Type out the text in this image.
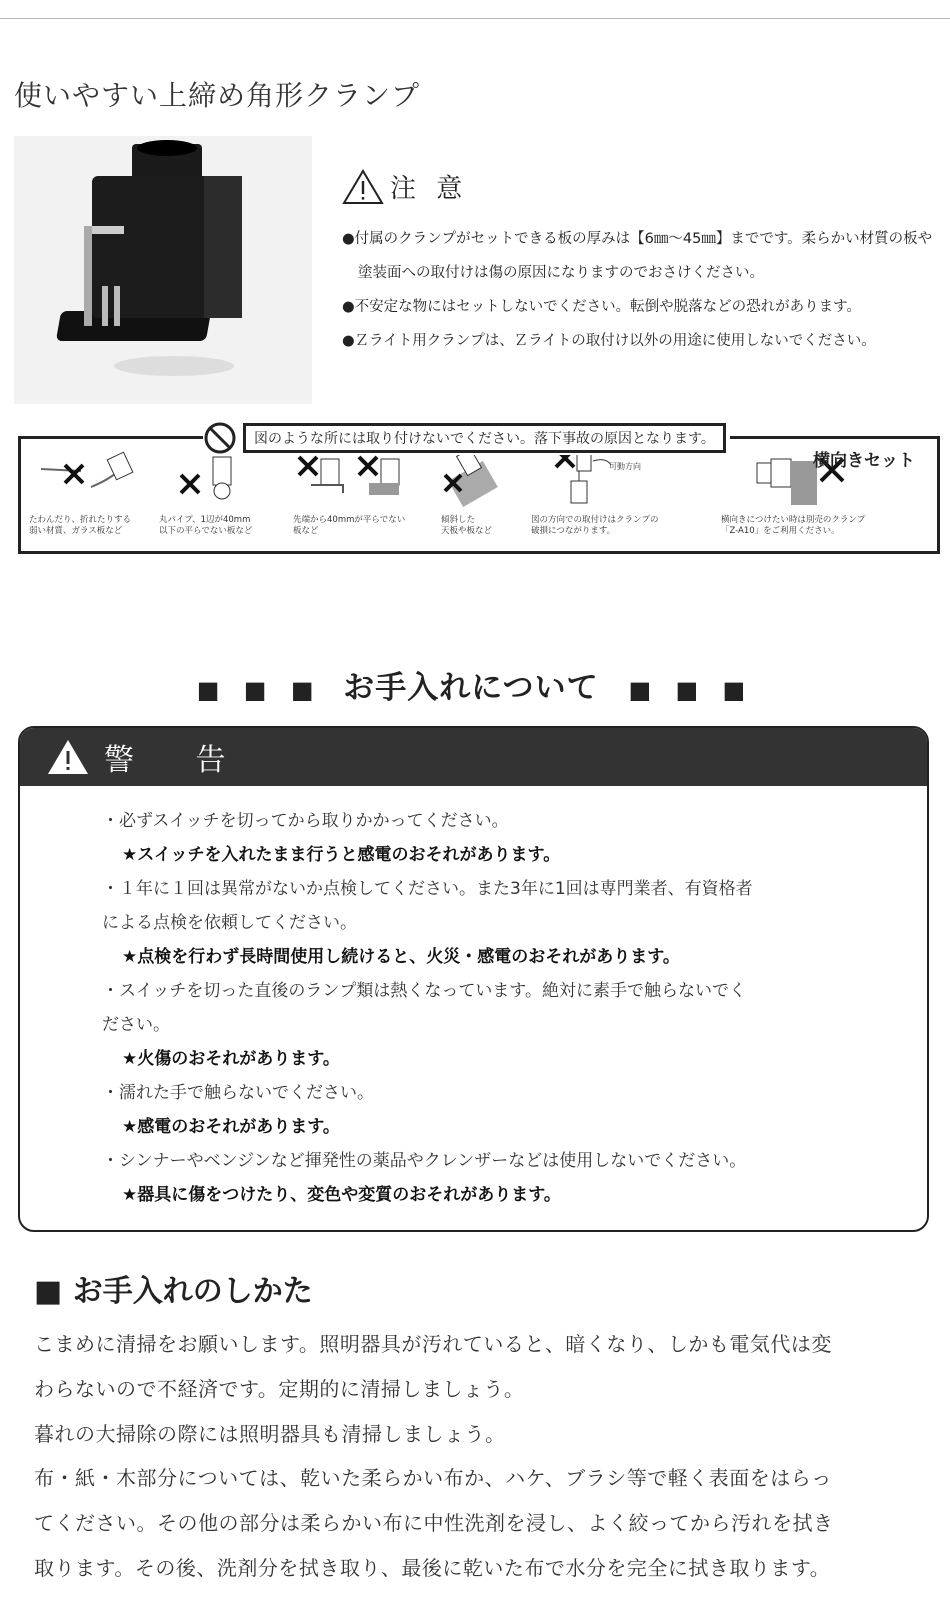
使いやすい上締め角形クランプ
注 意
●付属のクランプがセットできる板の厚みは【6㎜〜45㎜】までです。柔らかい材質の板や塗装面への取付けは傷の原因になりますのでおさけください。
●不安定な物にはセットしないでください。転倒や脱落などの恐れがあります。
●Ｚライト用クランプは、Ｚライトの取付け以外の用途に使用しないでください。
可動方向
たわんだり、折れたりする
弱い材質、ガラス板など
丸パイプ、1辺が40mm
以下の平らでない板など
先端から40mmが平らでない
板など
傾斜した
天板や板など
図の方向での取付けはクランプの
破損につながります。
横向きにつけたい時は別売のクランプ
「Z-A10」をご利用ください。
図のような所には取り付けないでください。落下事故の原因となります。
横向きセット
■ ■ ■ お手入れについて ■ ■ ■
警 告
・必ずスイッチを切ってから取りかかってください。
★スイッチを入れたまま行うと感電のおそれがあります。
・１年に１回は異常がないか点検してください。また3年に1回は専門業者、有資格者
による点検を依頼してください。
★点検を行わず長時間使用し続けると、火災・感電のおそれがあります。
・スイッチを切った直後のランプ類は熱くなっています。絶対に素手で触らないでく
ださい。
★火傷のおそれがあります。
・濡れた手で触らないでください。
★感電のおそれがあります。
・シンナーやベンジンなど揮発性の薬品やクレンザーなどは使用しないでください。
★器具に傷をつけたり、変色や変質のおそれがあります。
■ お手入れのしかた
こまめに清掃をお願いします。照明器具が汚れていると、暗くなり、しかも電気代は変
わらないので不経済です。定期的に清掃しましょう。
暮れの大掃除の際には照明器具も清掃しましょう。
布・紙・木部分については、乾いた柔らかい布か、ハケ、ブラシ等で軽く表面をはらっ
てください。その他の部分は柔らかい布に中性洗剤を浸し、よく絞ってから汚れを拭き
取ります。その後、洗剤分を拭き取り、最後に乾いた布で水分を完全に拭き取ります。
